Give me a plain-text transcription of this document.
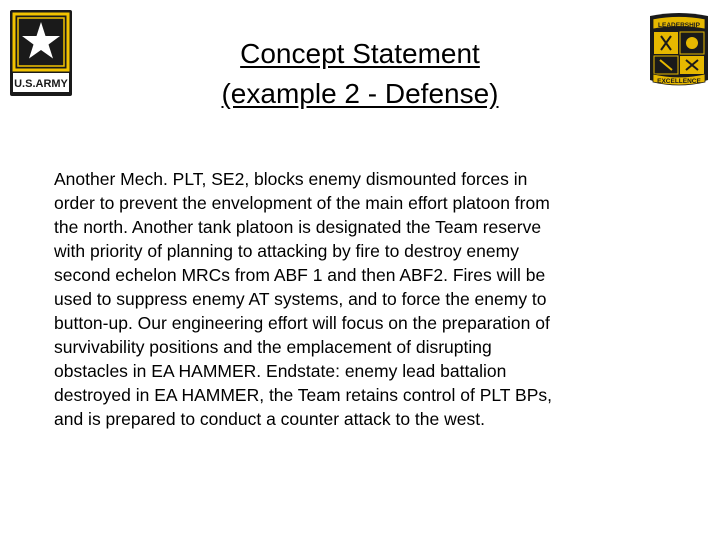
U.S.ARMY
LEADERSHIP
EXCELLENCE
Concept Statement
(example 2 - Defense)
Another Mech. PLT, SE2, blocks enemy dismounted forces in
order to prevent the envelopment of the main effort platoon from
the north. Another tank platoon is designated the Team reserve
with priority of planning to attacking by fire to destroy enemy
second echelon MRCs from ABF 1 and then ABF2. Fires will be
used to suppress enemy AT systems, and to force the enemy to
button-up. Our engineering effort will focus on the preparation of
survivability positions and the emplacement of disrupting
obstacles in EA HAMMER. Endstate: enemy lead battalion
destroyed in EA HAMMER, the Team retains control of PLT BPs,
and is prepared to conduct a counter attack to the west.
